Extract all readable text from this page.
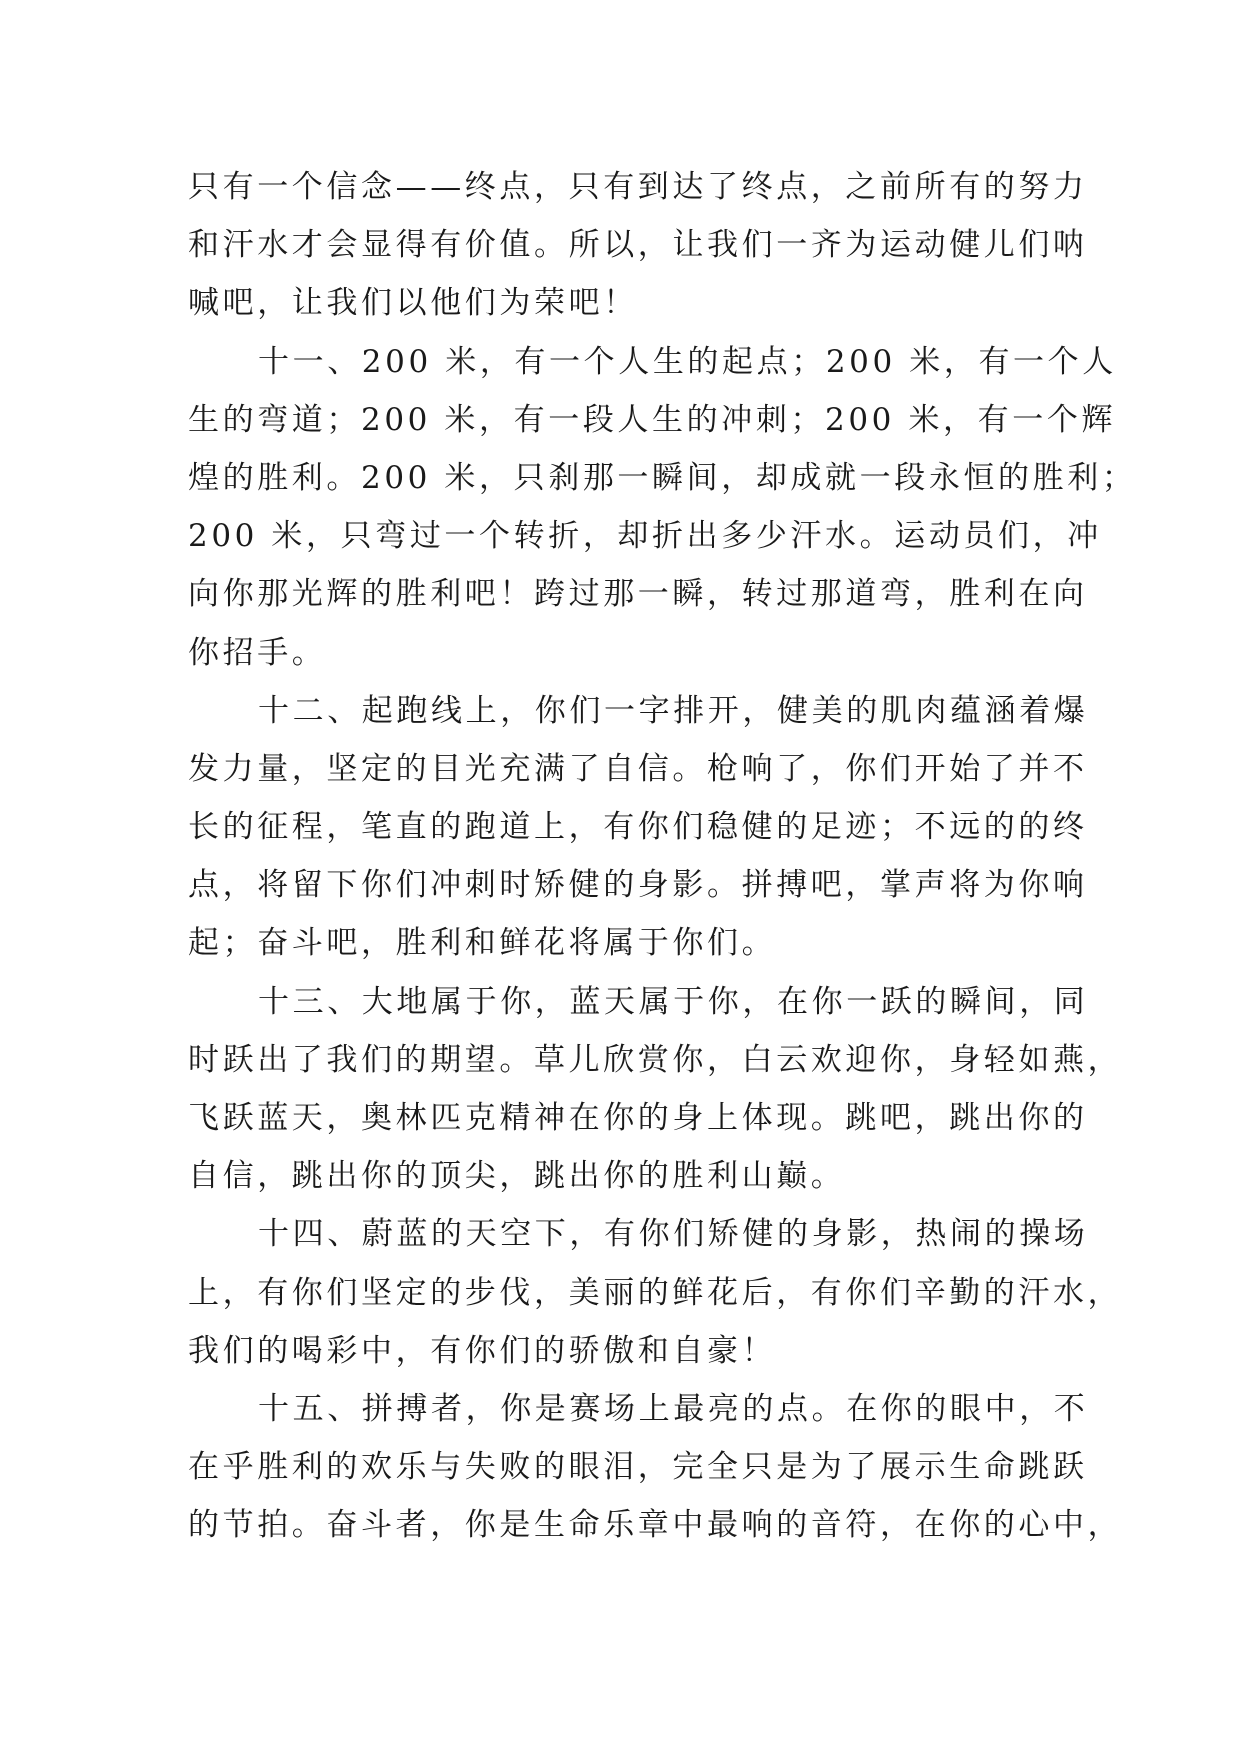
只有一个信念——终点，只有到达了终点，之前所有的努力
和汗水才会显得有价值。所以，让我们一齐为运动健儿们呐
喊吧，让我们以他们为荣吧！
十一、200 米，有一个人生的起点；200 米，有一个人
生的弯道；200 米，有一段人生的冲刺；200 米，有一个辉
煌的胜利。200 米，只刹那一瞬间，却成就一段永恒的胜利；
200 米，只弯过一个转折，却折出多少汗水。运动员们，冲
向你那光辉的胜利吧！跨过那一瞬，转过那道弯，胜利在向
你招手。
十二、起跑线上，你们一字排开，健美的肌肉蕴涵着爆
发力量，坚定的目光充满了自信。枪响了，你们开始了并不
长的征程，笔直的跑道上，有你们稳健的足迹；不远的的终
点，将留下你们冲刺时矫健的身影。拼搏吧，掌声将为你响
起；奋斗吧，胜利和鲜花将属于你们。
十三、大地属于你，蓝天属于你，在你一跃的瞬间，同
时跃出了我们的期望。草儿欣赏你，白云欢迎你，身轻如燕，
飞跃蓝天，奥林匹克精神在你的身上体现。跳吧，跳出你的
自信，跳出你的顶尖，跳出你的胜利山巅。
十四、蔚蓝的天空下，有你们矫健的身影，热闹的操场
上，有你们坚定的步伐，美丽的鲜花后，有你们辛勤的汗水，
我们的喝彩中，有你们的骄傲和自豪！
十五、拼搏者，你是赛场上最亮的点。在你的眼中，不
在乎胜利的欢乐与失败的眼泪，完全只是为了展示生命跳跃
的节拍。奋斗者，你是生命乐章中最响的音符，在你的心中，
